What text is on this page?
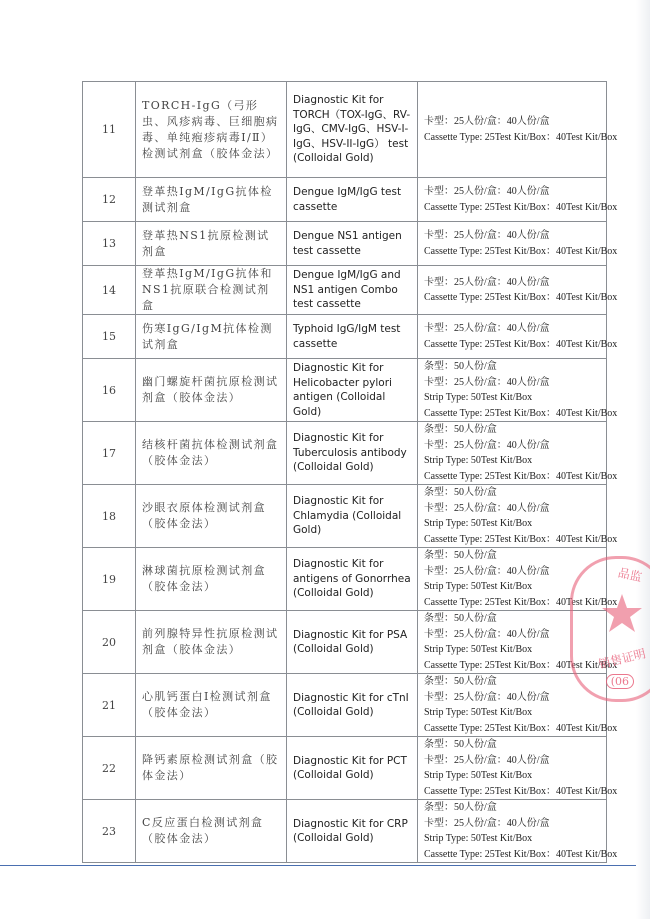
11	TORCH-IgG（弓形虫、风疹病毒、巨细胞病毒、单纯疱疹病毒Ⅰ/Ⅱ）检测试剂盒（胶体金法）	Diagnostic Kit for TORCH（TOX-IgG、RV-IgG、CMV-IgG、HSV-I-IgG、HSV-II-IgG） test (Colloidal Gold)	卡型：25人份/盒：40人份/盒
Cassette Type: 25Test Kit/Box：40Test Kit/Box

12	登革热IgM/IgG抗体检测试剂盒	Dengue IgM/IgG test cassette	卡型：25人份/盒：40人份/盒
Cassette Type: 25Test Kit/Box：40Test Kit/Box

13	登革热NS1抗原检测试剂盒	Dengue NS1 antigen test cassette	卡型：25人份/盒：40人份/盒
Cassette Type: 25Test Kit/Box：40Test Kit/Box

14	登革热IgM/IgG抗体和NS1抗原联合检测试剂盒	Dengue IgM/IgG and NS1 antigen Combo test cassette	卡型：25人份/盒：40人份/盒
Cassette Type: 25Test Kit/Box：40Test Kit/Box

15	伤寒IgG/IgM抗体检测试剂盒	Typhoid IgG/IgM test cassette	卡型：25人份/盒：40人份/盒
Cassette Type: 25Test Kit/Box：40Test Kit/Box

16	幽门螺旋杆菌抗原检测试剂盒（胶体金法）	Diagnostic Kit for Helicobacter pylori antigen (Colloidal Gold)	条型：50人份/盒
卡型：25人份/盒：40人份/盒
Strip Type: 50Test Kit/Box
Cassette Type: 25Test Kit/Box：40Test Kit/Box

17	结核杆菌抗体检测试剂盒（胶体金法）	Diagnostic Kit for Tuberculosis antibody (Colloidal Gold)	条型：50人份/盒
卡型：25人份/盒：40人份/盒
Strip Type: 50Test Kit/Box
Cassette Type: 25Test Kit/Box：40Test Kit/Box

18	沙眼衣原体检测试剂盒（胶体金法）	Diagnostic Kit for Chlamydia (Colloidal Gold)	条型：50人份/盒
卡型：25人份/盒：40人份/盒
Strip Type: 50Test Kit/Box
Cassette Type: 25Test Kit/Box：40Test Kit/Box

19	淋球菌抗原检测试剂盒（胶体金法）	Diagnostic Kit for antigens of Gonorrhea (Colloidal Gold)	条型：50人份/盒
卡型：25人份/盒：40人份/盒
Strip Type: 50Test Kit/Box
Cassette Type: 25Test Kit/Box：40Test Kit/Box

20	前列腺特异性抗原检测试剂盒（胶体金法）	Diagnostic Kit for PSA (Colloidal Gold)	条型：50人份/盒
卡型：25人份/盒：40人份/盒
Strip Type: 50Test Kit/Box
Cassette Type: 25Test Kit/Box：40Test Kit/Box

21	心肌钙蛋白Ⅰ检测试剂盒（胶体金法）	Diagnostic Kit for cTnI (Colloidal Gold)	条型：50人份/盒
卡型：25人份/盒：40人份/盒
Strip Type: 50Test Kit/Box
Cassette Type: 25Test Kit/Box：40Test Kit/Box

22	降钙素原检测试剂盒（胶体金法）	Diagnostic Kit for PCT (Colloidal Gold)	条型：50人份/盒
卡型：25人份/盒：40人份/盒
Strip Type: 50Test Kit/Box
Cassette Type: 25Test Kit/Box：40Test Kit/Box

23	C反应蛋白检测试剂盒（胶体金法）	Diagnostic Kit for CRP (Colloidal Gold)	条型：50人份/盒
卡型：25人份/盒：40人份/盒
Strip Type: 50Test Kit/Box
Cassette Type: 25Test Kit/Box：40Test Kit/Box
品监
销售证明
(06
